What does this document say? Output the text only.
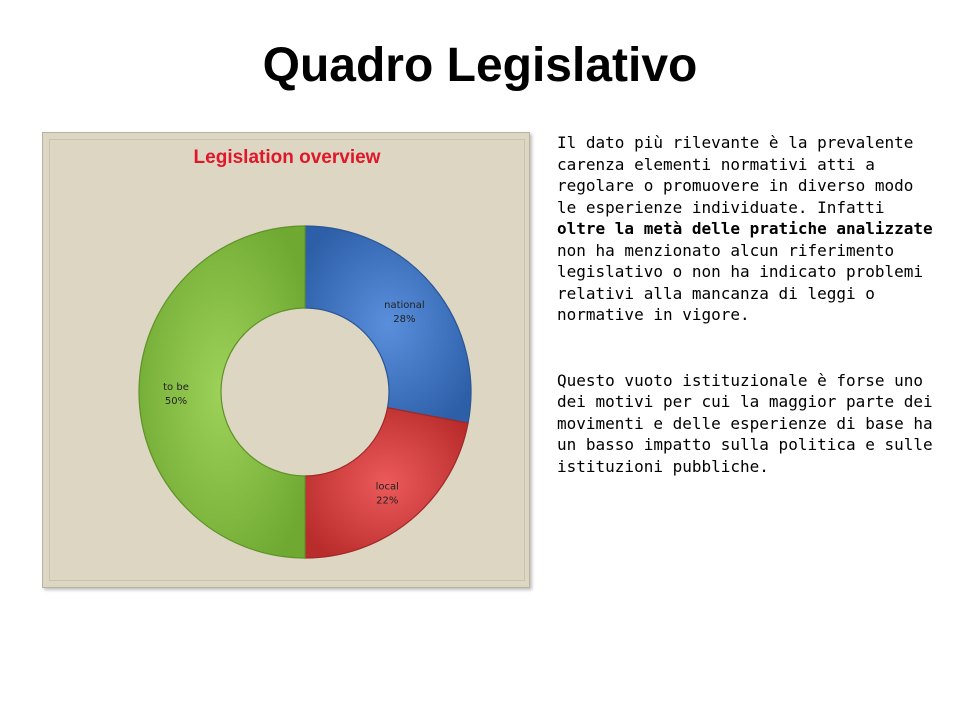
Quadro Legislativo
Legislation overview
national
28%
local
22%
to be
50%

Il dato più rilevante è la prevalente carenza elementi normativi atti a regolare o promuovere in diverso modo le esperienze individuate. Infatti oltre la metà delle pratiche analizzate non ha menzionato alcun riferimento legislativo o non ha indicato problemi relativi alla mancanza di leggi o normative in vigore.

Questo vuoto istituzionale è forse uno dei motivi per cui la maggior parte dei movimenti e delle esperienze di base ha un basso impatto sulla politica e sulle istituzioni pubbliche.
